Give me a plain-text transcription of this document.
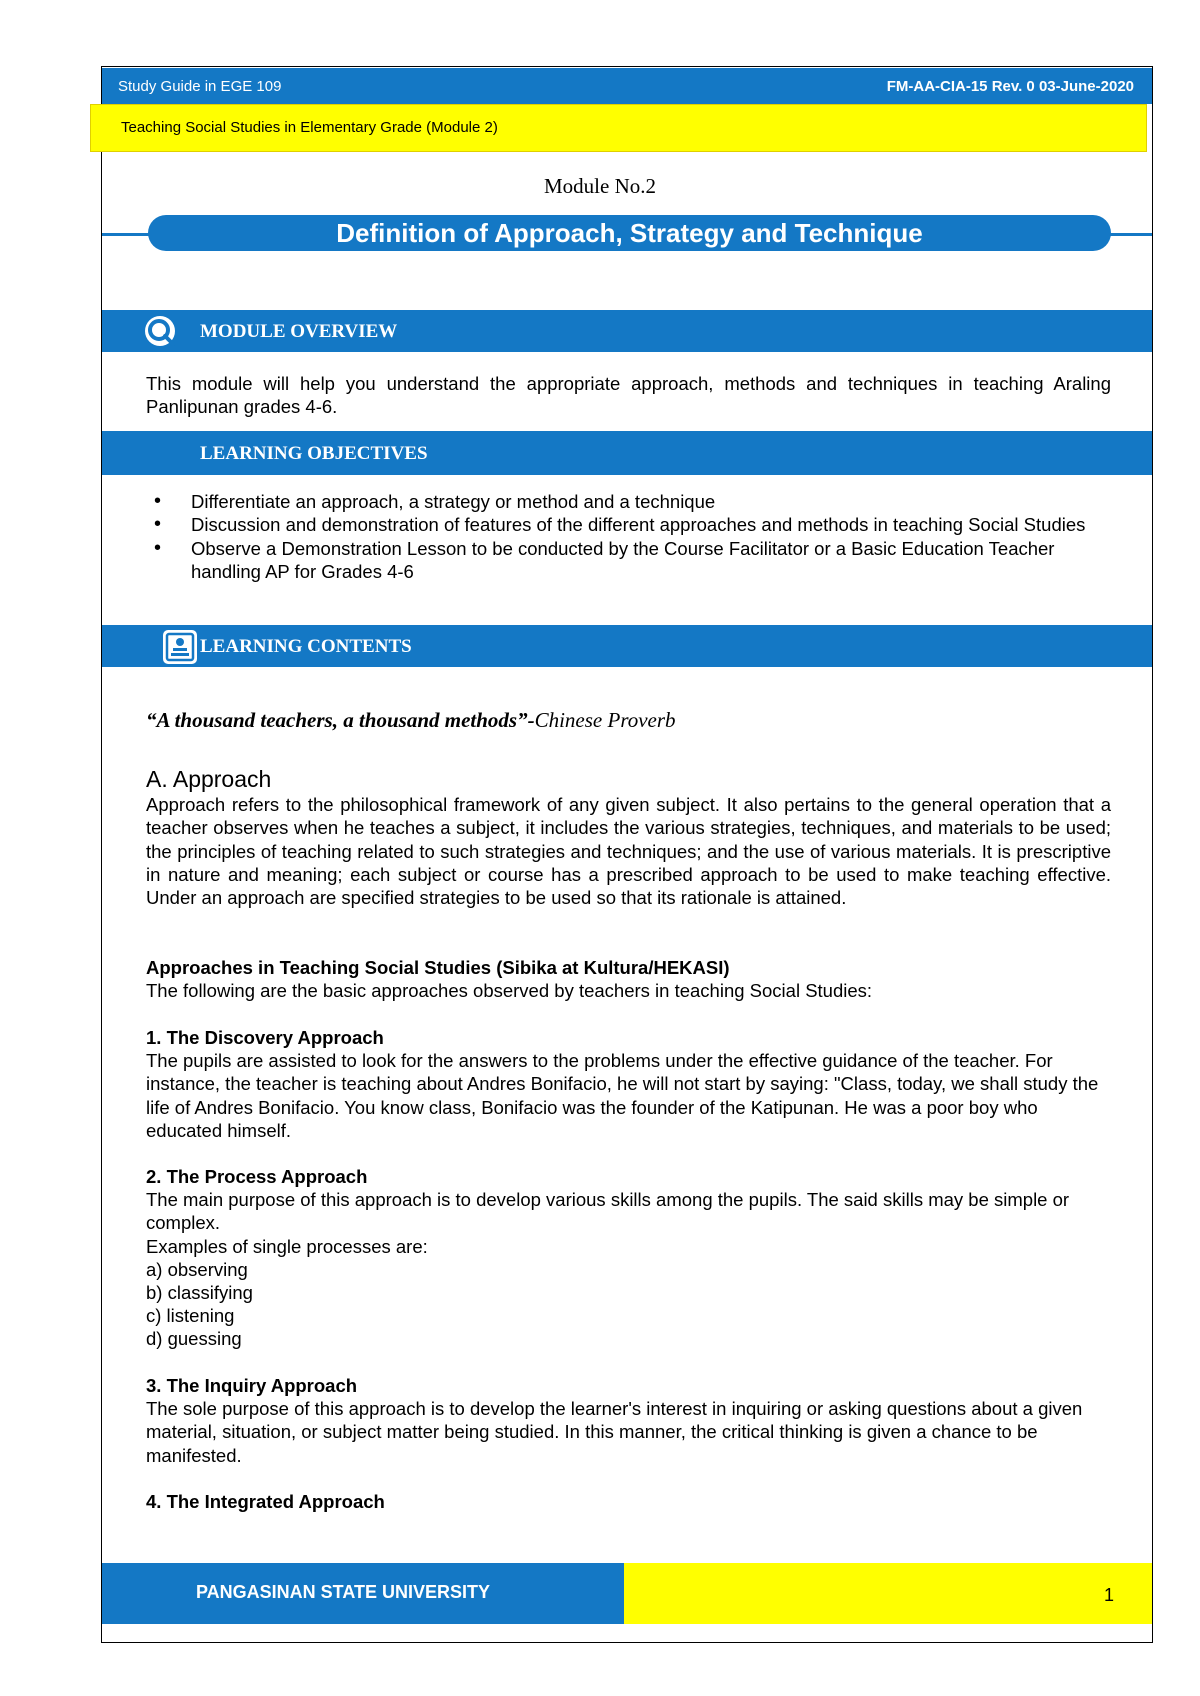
Study Guide in EGE 109	FM-AA-CIA-15 Rev. 0 03-June-2020
Teaching Social Studies in Elementary Grade (Module 2)
Module No.2
Definition of Approach, Strategy and Technique
MODULE OVERVIEW
This module will help you understand the appropriate approach, methods and techniques in teaching Araling Panlipunan grades 4-6.
LEARNING OBJECTIVES
• Differentiate an approach, a strategy or method and a technique
• Discussion and demonstration of features of the different approaches and methods in teaching Social Studies
• Observe a Demonstration Lesson to be conducted by the Course Facilitator or a Basic Education Teacher handling AP for Grades 4-6
LEARNING CONTENTS
“A thousand teachers, a thousand methods”-Chinese Proverb
A. Approach
Approach refers to the philosophical framework of any given subject. It also pertains to the general operation that a teacher observes when he teaches a subject, it includes the various strategies, techniques, and materials to be used; the principles of teaching related to such strategies and techniques; and the use of various materials. It is prescriptive in nature and meaning; each subject or course has a prescribed approach to be used to make teaching effective. Under an approach are specified strategies to be used so that its rationale is attained.
Approaches in Teaching Social Studies (Sibika at Kultura/HEKASI)
The following are the basic approaches observed by teachers in teaching Social Studies:
1. The Discovery Approach
The pupils are assisted to look for the answers to the problems under the effective guidance of the teacher. For instance, the teacher is teaching about Andres Bonifacio, he will not start by saying: "Class, today, we shall study the life of Andres Bonifacio. You know class, Bonifacio was the founder of the Katipunan. He was a poor boy who educated himself.
2. The Process Approach
The main purpose of this approach is to develop various skills among the pupils. The said skills may be simple or complex.
Examples of single processes are:
a) observing
b) classifying
c) listening
d) guessing
3. The Inquiry Approach
The sole purpose of this approach is to develop the learner's interest in inquiring or asking questions about a given material, situation, or subject matter being studied. In this manner, the critical thinking is given a chance to be manifested.
4. The Integrated Approach
PANGASINAN STATE UNIVERSITY	1
